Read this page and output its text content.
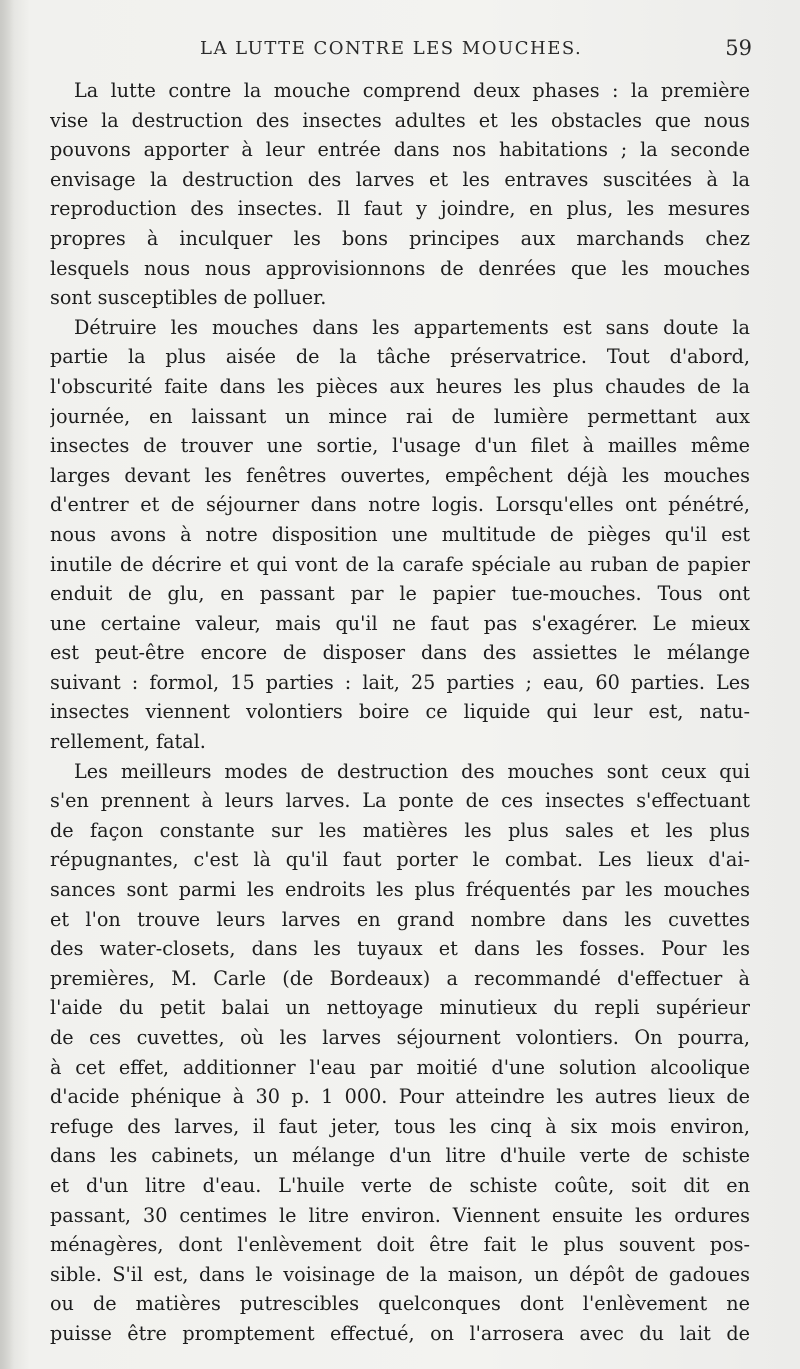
LA LUTTE CONTRE LES MOUCHES.	59
La lutte contre la mouche comprend deux phases : la première
vise la destruction des insectes adultes et les obstacles que nous
pouvons apporter à leur entrée dans nos habitations ; la seconde
envisage la destruction des larves et les entraves suscitées à la
reproduction des insectes. Il faut y joindre, en plus, les mesures
propres à inculquer les bons principes aux marchands chez
lesquels nous nous approvisionnons de denrées que les mouches
sont susceptibles de polluer.
Détruire les mouches dans les appartements est sans doute la
partie la plus aisée de la tâche préservatrice. Tout d'abord,
l'obscurité faite dans les pièces aux heures les plus chaudes de la
journée, en laissant un mince rai de lumière permettant aux
insectes de trouver une sortie, l'usage d'un filet à mailles même
larges devant les fenêtres ouvertes, empêchent déjà les mouches
d'entrer et de séjourner dans notre logis. Lorsqu'elles ont pénétré,
nous avons à notre disposition une multitude de pièges qu'il est
inutile de décrire et qui vont de la carafe spéciale au ruban de papier
enduit de glu, en passant par le papier tue-mouches. Tous ont
une certaine valeur, mais qu'il ne faut pas s'exagérer. Le mieux
est peut-être encore de disposer dans des assiettes le mélange
suivant : formol, 15 parties : lait, 25 parties ; eau, 60 parties. Les
insectes viennent volontiers boire ce liquide qui leur est, natu-
rellement, fatal.
Les meilleurs modes de destruction des mouches sont ceux qui
s'en prennent à leurs larves. La ponte de ces insectes s'effectuant
de façon constante sur les matières les plus sales et les plus
répugnantes, c'est là qu'il faut porter le combat. Les lieux d'ai-
sances sont parmi les endroits les plus fréquentés par les mouches
et l'on trouve leurs larves en grand nombre dans les cuvettes
des water-closets, dans les tuyaux et dans les fosses. Pour les
premières, M. Carle (de Bordeaux) a recommandé d'effectuer à
l'aide du petit balai un nettoyage minutieux du repli supérieur
de ces cuvettes, où les larves séjournent volontiers. On pourra,
à cet effet, additionner l'eau par moitié d'une solution alcoolique
d'acide phénique à 30 p. 1 000. Pour atteindre les autres lieux de
refuge des larves, il faut jeter, tous les cinq à six mois environ,
dans les cabinets, un mélange d'un litre d'huile verte de schiste
et d'un litre d'eau. L'huile verte de schiste coûte, soit dit en
passant, 30 centimes le litre environ. Viennent ensuite les ordures
ménagères, dont l'enlèvement doit être fait le plus souvent pos-
sible. S'il est, dans le voisinage de la maison, un dépôt de gadoues
ou de matières putrescibles quelconques dont l'enlèvement ne
puisse être promptement effectué, on l'arrosera avec du lait de
